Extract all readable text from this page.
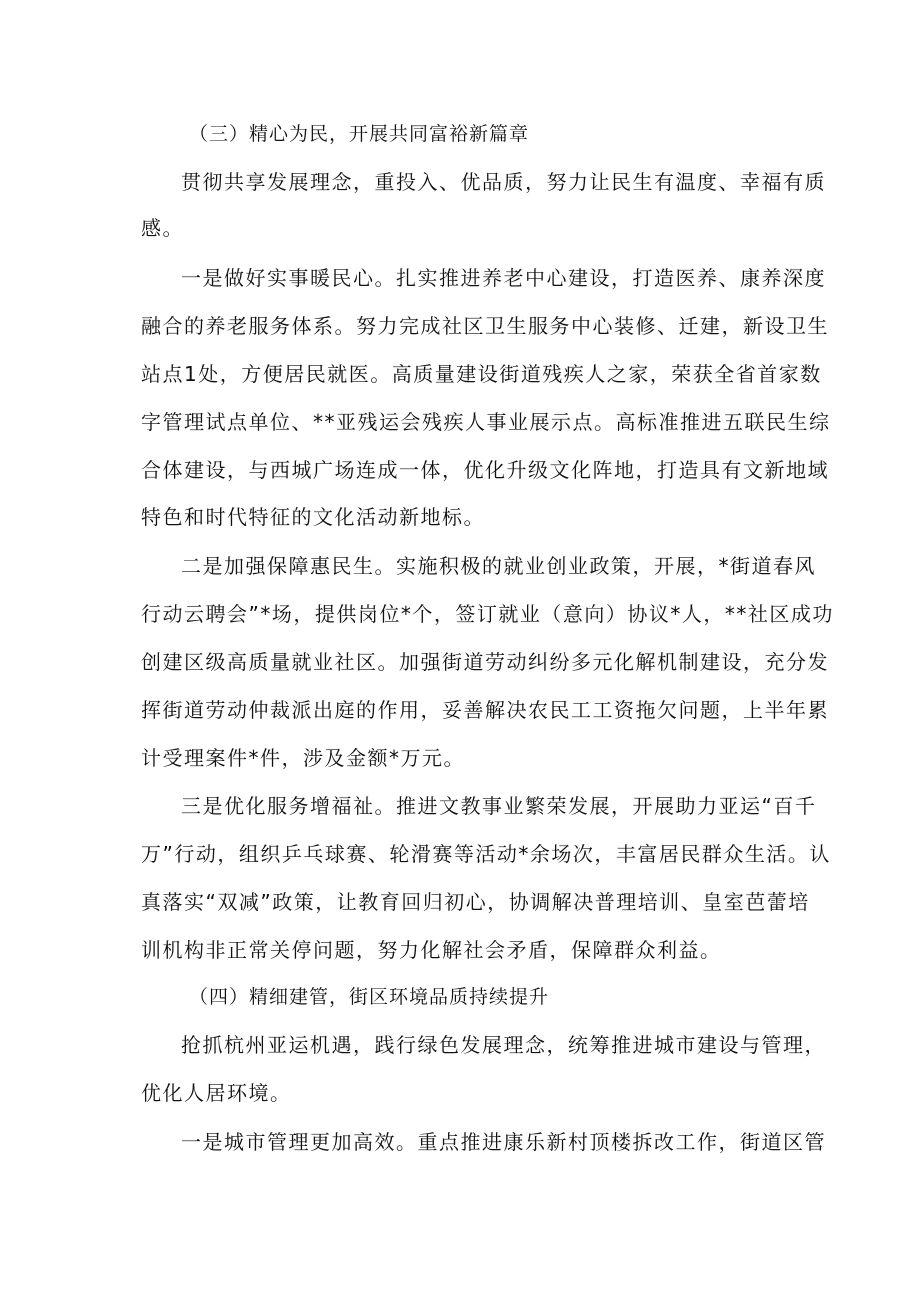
（三）精心为民，开展共同富裕新篇章
贯彻共享发展理念，重投入、优品质，努力让民生有温度、幸福有质
感。
一是做好实事暖民心。扎实推进养老中心建设，打造医养、康养深度
融合的养老服务体系。努力完成社区卫生服务中心装修、迁建，新设卫生
站点1处，方便居民就医。高质量建设街道残疾人之家，荣获全省首家数
字管理试点单位、**亚残运会残疾人事业展示点。高标准推进五联民生综
合体建设，与西城广场连成一体，优化升级文化阵地，打造具有文新地域
特色和时代特征的文化活动新地标。
二是加强保障惠民生。实施积极的就业创业政策，开展，*街道春风
行动云聘会”*场，提供岗位*个，签订就业（意向）协议*人，**社区成功
创建区级高质量就业社区。加强街道劳动纠纷多元化解机制建设，充分发
挥街道劳动仲裁派出庭的作用，妥善解决农民工工资拖欠问题，上半年累
计受理案件*件，涉及金额*万元。
三是优化服务增福祉。推进文教事业繁荣发展，开展助力亚运“百千
万”行动，组织乒乓球赛、轮滑赛等活动*余场次，丰富居民群众生活。认
真落实“双减”政策，让教育回归初心，协调解决普理培训、皇室芭蕾培
训机构非正常关停问题，努力化解社会矛盾，保障群众利益。
（四）精细建管，街区环境品质持续提升
抢抓杭州亚运机遇，践行绿色发展理念，统筹推进城市建设与管理，
优化人居环境。
一是城市管理更加高效。重点推进康乐新村顶楼拆改工作，街道区管
